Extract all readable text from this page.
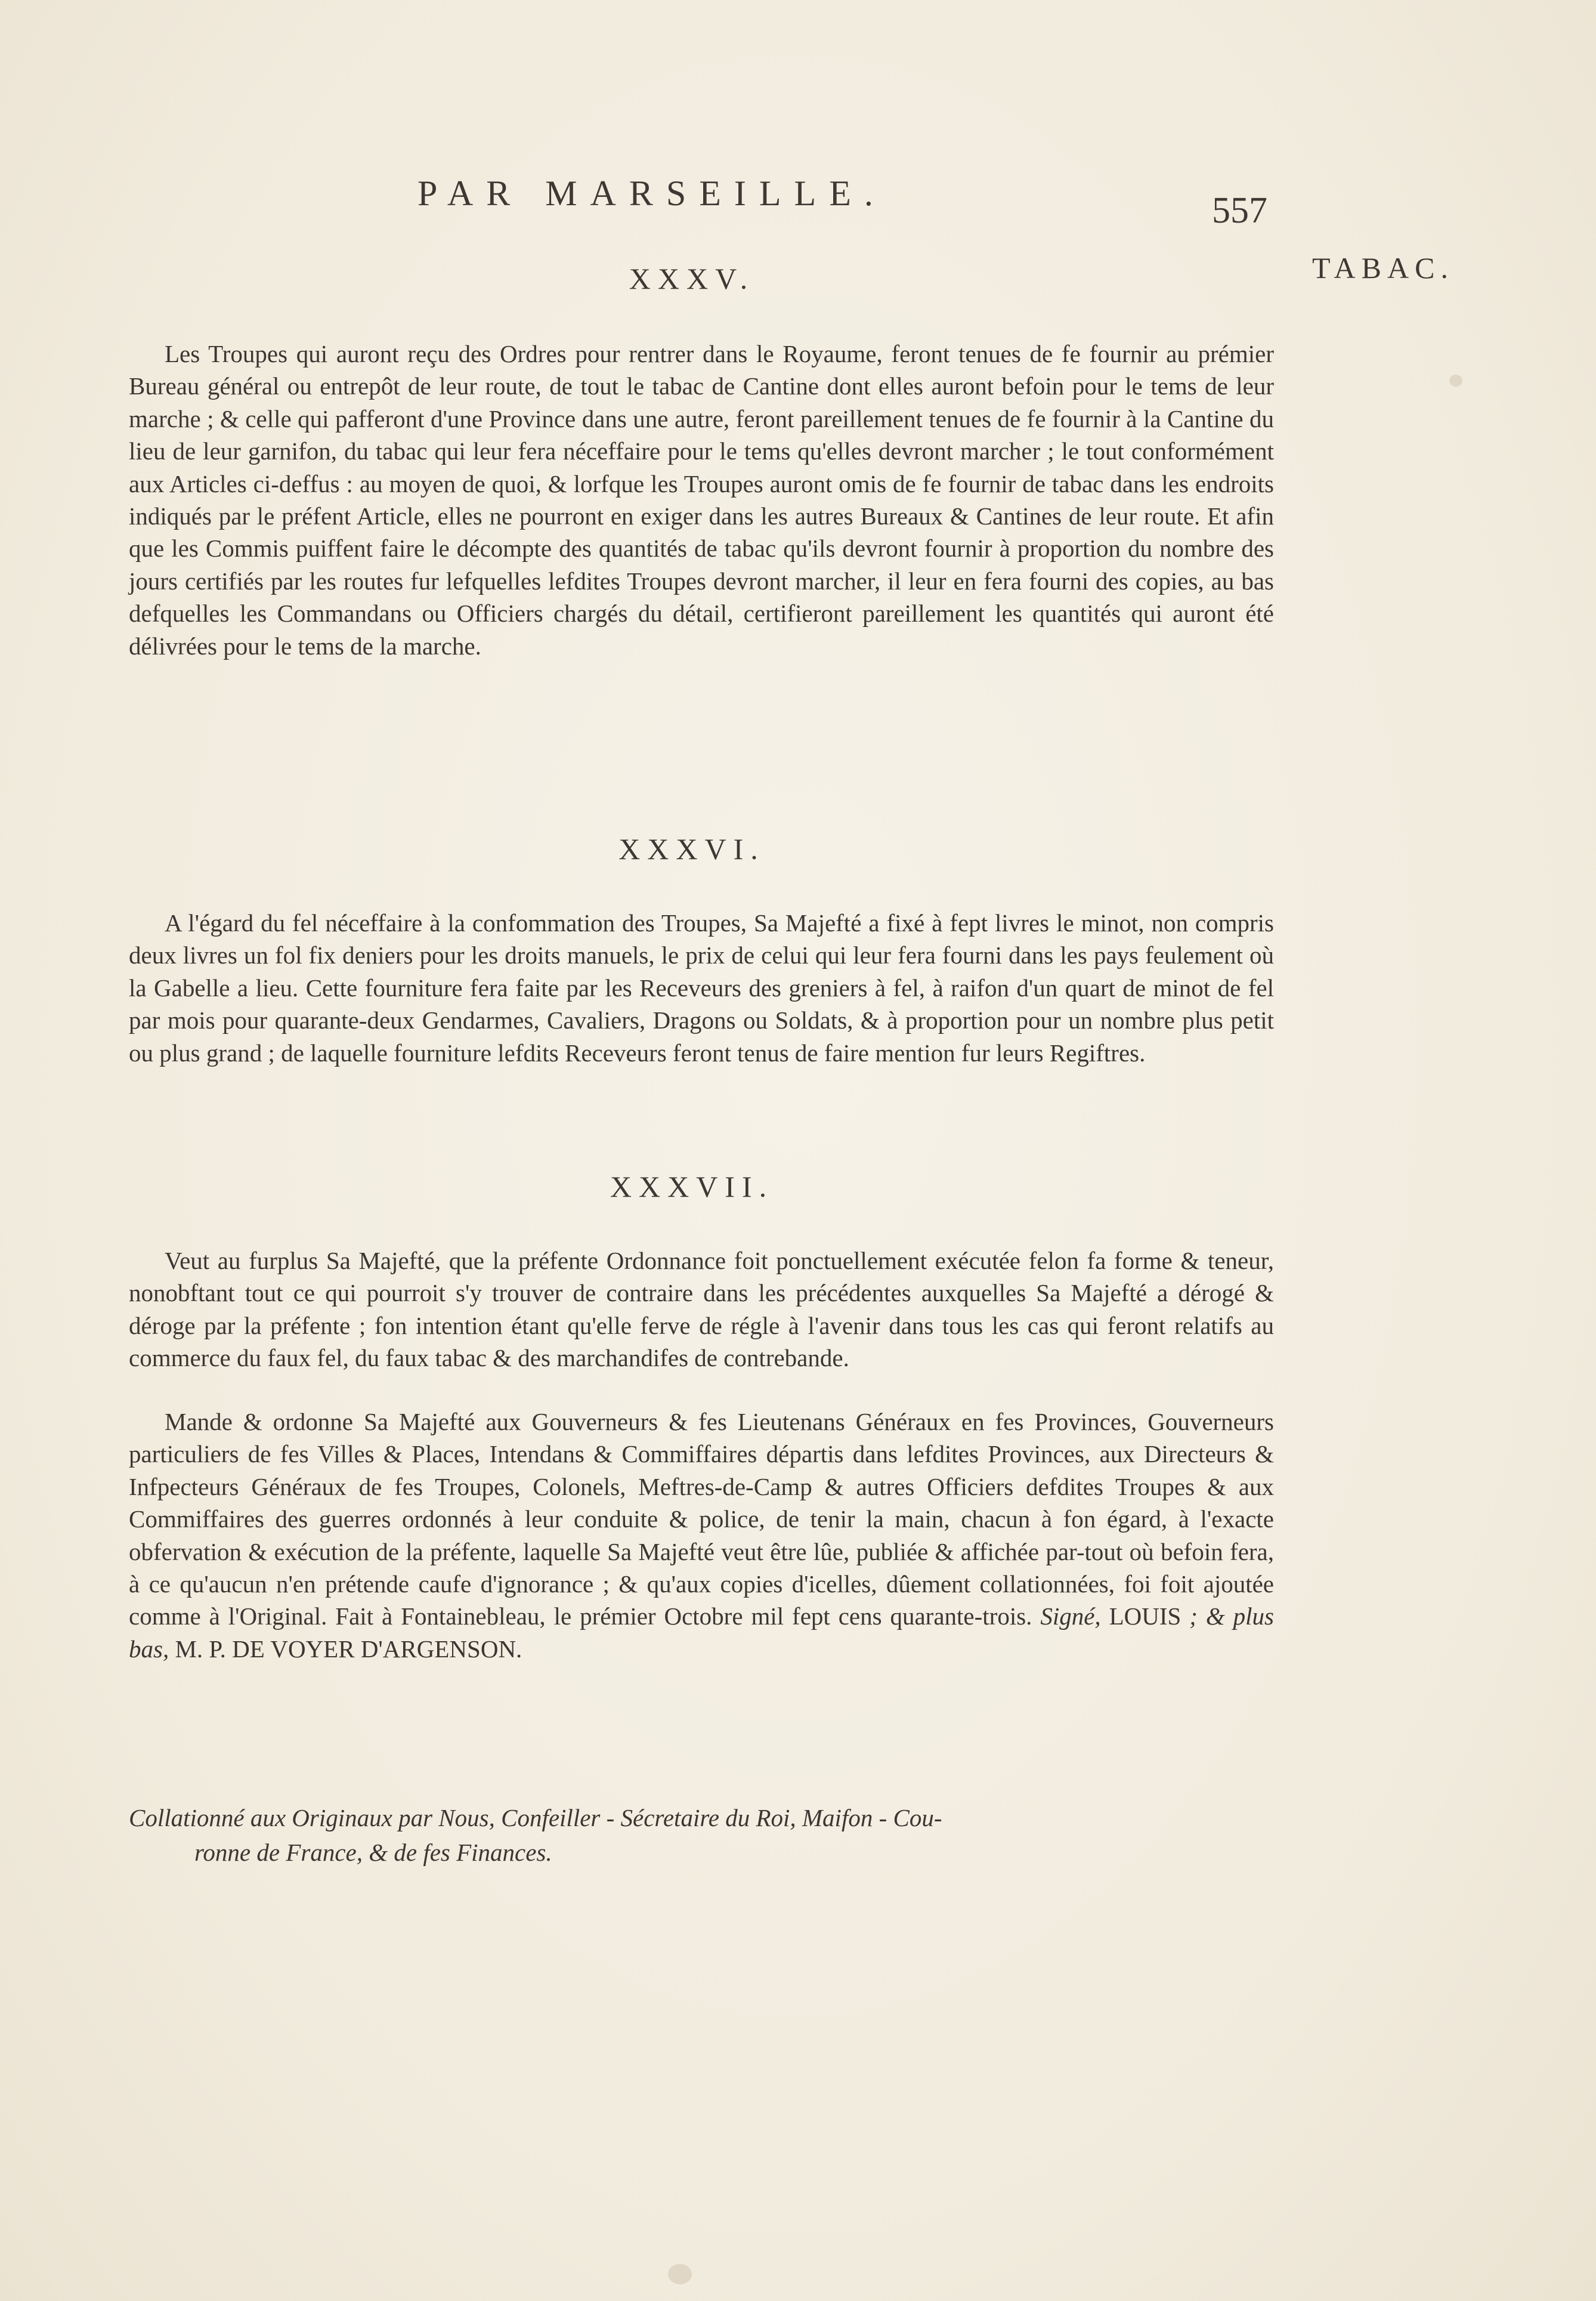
PAR MARSEILLE.	557
TABAC.
XXXV.
Les Troupes qui auront reçu des Ordres pour rentrer dans le Royaume, feront tenues de fe fournir au prémier Bureau général ou entrepôt de leur route, de tout le tabac de Cantine dont elles auront befoin pour le tems de leur marche ; & celle qui pafferont d'une Province dans une autre, feront pareillement tenues de fe fournir à la Cantine du lieu de leur garnifon, du tabac qui leur fera néceffaire pour le tems qu'elles devront marcher ; le tout conformément aux Articles ci-deffus : au moyen de quoi, & lorfque les Troupes auront omis de fe fournir de tabac dans les endroits indiqués par le préfent Article, elles ne pourront en exiger dans les autres Bureaux & Cantines de leur route. Et afin que les Commis puiffent faire le décompte des quantités de tabac qu'ils devront fournir à proportion du nombre des jours certifiés par les routes fur lefquelles lefdites Troupes devront marcher, il leur en fera fourni des copies, au bas defquelles les Commandans ou Officiers chargés du détail, certifieront pareillement les quantités qui auront été délivrées pour le tems de la marche.
XXXVI.
A l'égard du fel néceffaire à la confommation des Troupes, Sa Majefté a fixé à fept livres le minot, non compris deux livres un fol fix deniers pour les droits manuels, le prix de celui qui leur fera fourni dans les pays feulement où la Gabelle a lieu. Cette fourniture fera faite par les Receveurs des greniers à fel, à raifon d'un quart de minot de fel par mois pour quarante-deux Gendarmes, Cavaliers, Dragons ou Soldats, & à proportion pour un nombre plus petit ou plus grand ; de laquelle fourniture lefdits Receveurs feront tenus de faire mention fur leurs Regiftres.
XXXVII.
Veut au furplus Sa Majefté, que la préfente Ordonnance foit ponctuellement exécutée felon fa forme & teneur, nonobftant tout ce qui pourroit s'y trouver de contraire dans les précédentes auxquelles Sa Majefté a dérogé & déroge par la préfente ; fon intention étant qu'elle ferve de régle à l'avenir dans tous les cas qui feront relatifs au commerce du faux fel, du faux tabac & des marchandifes de contrebande.
Mande & ordonne Sa Majefté aux Gouverneurs & fes Lieutenans Généraux en fes Provinces, Gouverneurs particuliers de fes Villes & Places, Intendans & Commiffaires départis dans lefdites Provinces, aux Directeurs & Infpecteurs Généraux de fes Troupes, Colonels, Meftres-de-Camp & autres Officiers defdites Troupes & aux Commiffaires des guerres ordonnés à leur conduite & police, de tenir la main, chacun à fon égard, à l'exacte obfervation & exécution de la préfente, laquelle Sa Majefté veut être lûe, publiée & affichée par-tout où befoin fera, à ce qu'aucun n'en prétende caufe d'ignorance ; & qu'aux copies d'icelles, dûement collationnées, foi foit ajoutée comme à l'Original. Fait à Fontainebleau, le prémier Octobre mil fept cens quarante-trois. Signé, LOUIS ; & plus bas, M. P. DE VOYER D'ARGENSON.
Collationné aux Originaux par Nous, Confeiller - Sécretaire du Roi, Maifon - Cou-
ronne de France, & de fes Finances.
